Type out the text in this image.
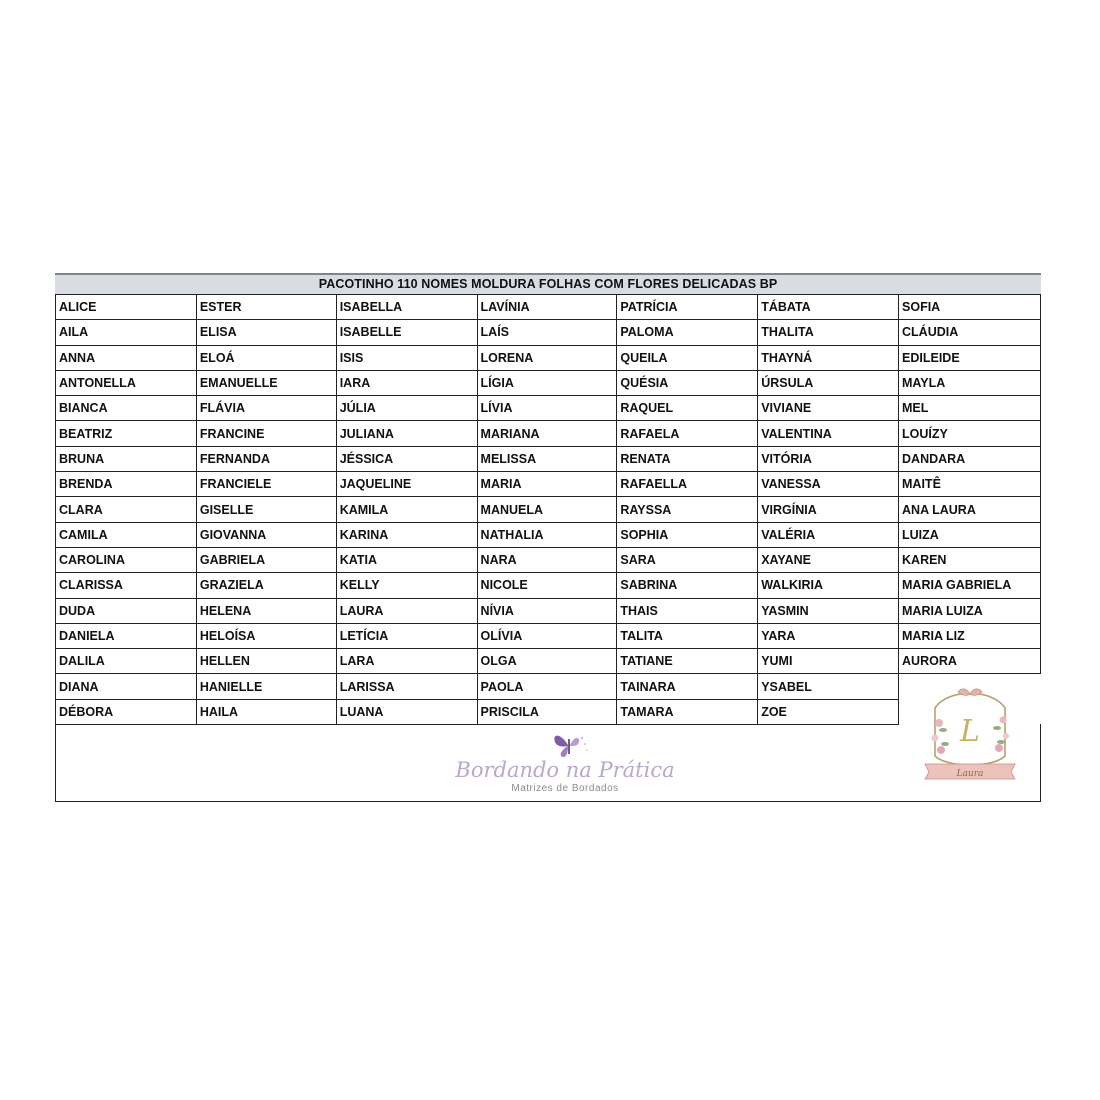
PACOTINHO 110 NOMES MOLDURA FOLHAS COM FLORES DELICADAS BP
ALICE	ESTER	ISABELLA	LAVÍNIA	PATRÍCIA	TÁBATA	SOFIA
AILA	ELISA	ISABELLE	LAÍS	PALOMA	THALITA	CLÁUDIA
ANNA	ELOÁ	ISIS	LORENA	QUEILA	THAYNÁ	EDILEIDE
ANTONELLA	EMANUELLE	IARA	LÍGIA	QUÉSIA	ÚRSULA	MAYLA
BIANCA	FLÁVIA	JÚLIA	LÍVIA	RAQUEL	VIVIANE	MEL
BEATRIZ	FRANCINE	JULIANA	MARIANA	RAFAELA	VALENTINA	LOUÍZY
BRUNA	FERNANDA	JÉSSICA	MELISSA	RENATA	VITÓRIA	DANDARA
BRENDA	FRANCIELE	JAQUELINE	MARIA	RAFAELLA	VANESSA	MAITÊ
CLARA	GISELLE	KAMILA	MANUELA	RAYSSA	VIRGÍNIA	ANA LAURA
CAMILA	GIOVANNA	KARINA	NATHALIA	SOPHIA	VALÉRIA	LUIZA
CAROLINA	GABRIELA	KATIA	NARA	SARA	XAYANE	KAREN
CLARISSA	GRAZIELA	KELLY	NICOLE	SABRINA	WALKIRIA	MARIA GABRIELA
DUDA	HELENA	LAURA	NÍVIA	THAIS	YASMIN	MARIA LUIZA
DANIELA	HELOÍSA	LETÍCIA	OLÍVIA	TALITA	YARA	MARIA LIZ
DALILA	HELLEN	LARA	OLGA	TATIANE	YUMI	AURORA
DIANA	HANIELLE	LARISSA	PAOLA	TAINARA	YSABEL	
DÉBORA	HAILA	LUANA	PRISCILA	TAMARA	ZOE	
Bordando na Prática
Matrizes de Bordados
L
Laura
